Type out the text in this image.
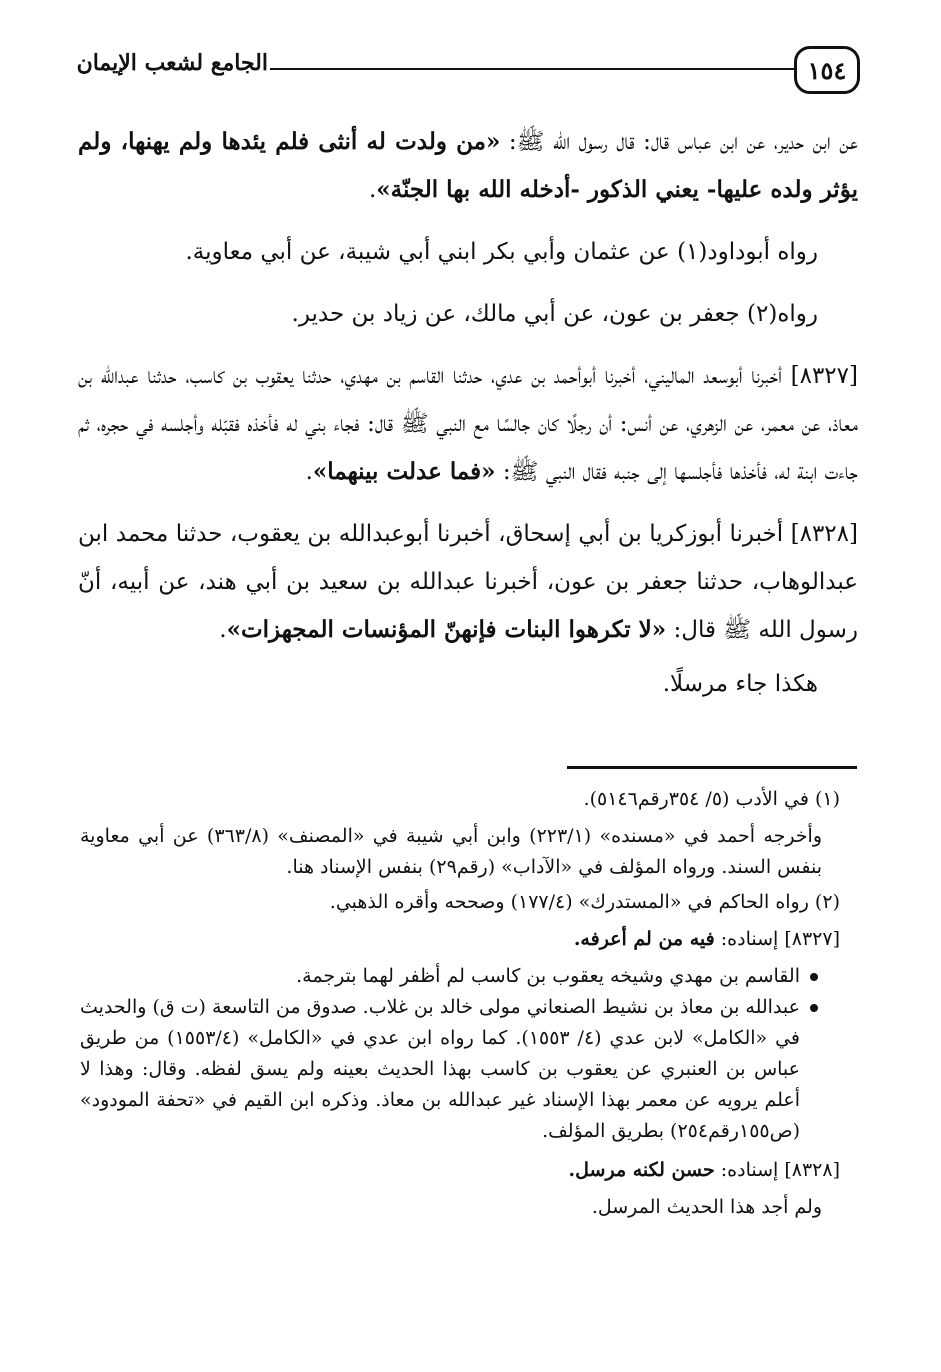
١٥٤
الجامع لشعب الإيمان

عن ابن حدير، عن ابن عباس قال: قال رسول الله ﷺ: «من ولدت له أنثى فلم يئدها ولم يهنها، ولم يؤثر ولده عليها- يعني الذكور -أدخله الله بها الجنّة».

رواه أبوداود(١) عن عثمان وأبي بكر ابني أبي شيبة، عن أبي معاوية.

رواه(٢) جعفر بن عون، عن أبي مالك، عن زياد بن حدير.

[٨٣٢٧] أخبرنا أبوسعد الماليني، أخبرنا أبوأحمد بن عدي، حدثنا القاسم بن مهدي، حدثنا يعقوب بن كاسب، حدثنا عبدالله بن معاذ، عن معمر، عن الزهري، عن أنس: أن رجلًا كان جالسًا مع النبي ﷺ قال: فجاء بني له فأخذه فقبّله وأجلسه في حجره، ثم جاءت ابنة له، فأخذها فأجلسها إلى جنبه فقال النبي ﷺ: «فما عدلت بينهما».

[٨٣٢٨] أخبرنا أبوزكريا بن أبي إسحاق، أخبرنا أبوعبدالله بن يعقوب، حدثنا محمد ابن عبدالوهاب، حدثنا جعفر بن عون، أخبرنا عبدالله بن سعيد بن أبي هند، عن أبيه، أنّ رسول الله ﷺ قال: «لا تكرهوا البنات فإنهنّ المؤنسات المجهزات».

هكذا جاء مرسلًا.

(١) في الأدب (٥/ ٣٥٤رقم٥١٤٦).

وأخرجه أحمد في «مسنده» (٢٢٣/١) وابن أبي شيبة في «المصنف» (٣٦٣/٨) عن أبي معاوية بنفس السند. ورواه المؤلف في «الآداب» (رقم٢٩) بنفس الإسناد هنا.

(٢) رواه الحاكم في «المستدرك» (١٧٧/٤) وصححه وأقره الذهبي.

[٨٣٢٧] إسناده: فيه من لم أعرفه.

القاسم بن مهدي وشيخه يعقوب بن كاسب لم أظفر لهما بترجمة.
عبدالله بن معاذ بن نشيط الصنعاني مولى خالد بن غلاب. صدوق من التاسعة (ت ق) والحديث في «الكامل» لابن عدي (٤/ ١٥٥٣). كما رواه ابن عدي في «الكامل» (١٥٥٣/٤) من طريق عباس بن العنبري عن يعقوب بن كاسب بهذا الحديث بعينه ولم يسق لفظه. وقال: وهذا لا أعلم يرويه عن معمر بهذا الإسناد غير عبدالله بن معاذ. وذكره ابن القيم في «تحفة المودود» (ص١٥٥رقم٢٥٤) بطريق المؤلف.

[٨٣٢٨] إسناده: حسن لكنه مرسل.

ولم أجد هذا الحديث المرسل.
